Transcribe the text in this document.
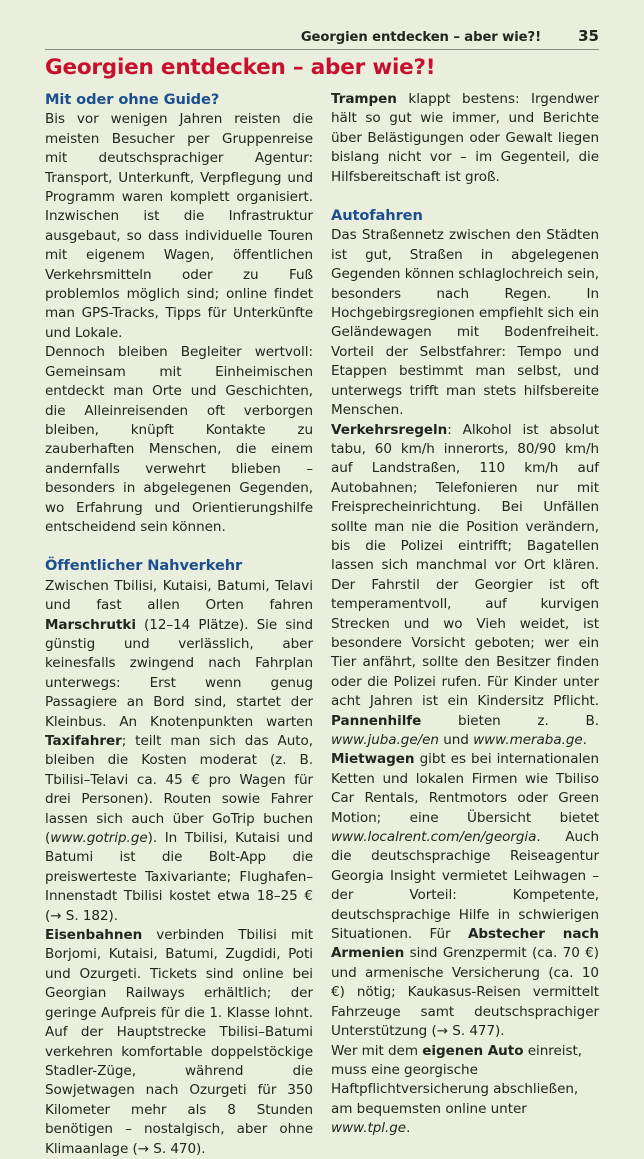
Georgien entdecken – aber wie?! 35
Georgien entdecken – aber wie?!
Mit oder ohne Guide?

Bis vor wenigen Jahren reisten die meisten Besucher per Gruppenreise mit deutschsprachiger Agentur: Transport, Unterkunft, Verpflegung und Programm waren komplett organisiert. Inzwischen ist die Infrastruktur ausgebaut, so dass individuelle Touren mit eigenem Wagen, öffentlichen Verkehrsmitteln oder zu Fuß problemlos möglich sind; online findet man GPS-Tracks, Tipps für Unterkünfte und Lokale.

Dennoch bleiben Begleiter wertvoll: Gemeinsam mit Einheimischen entdeckt man Orte und Geschichten, die Alleinreisenden oft verborgen bleiben, knüpft Kontakte zu zauberhaften Menschen, die einem andernfalls verwehrt blieben – besonders in abgelegenen Gegenden, wo Erfahrung und Orientierungshilfe entscheidend sein können.

Öffentlicher Nahverkehr

Zwischen Tbilisi, Kutaisi, Batumi, Telavi und fast allen Orten fahren Marschrutki (12–14 Plätze). Sie sind günstig und verlässlich, aber keinesfalls zwingend nach Fahrplan unterwegs: Erst wenn genug Passagiere an Bord sind, startet der Kleinbus. An Knotenpunkten warten Taxifahrer; teilt man sich das Auto, bleiben die Kosten moderat (z. B. Tbilisi–Telavi ca. 45 € pro Wagen für drei Personen). Routen sowie Fahrer lassen sich auch über GoTrip buchen (www.gotrip.ge). In Tbilisi, Kutaisi und Batumi ist die Bolt-App die preiswerteste Taxivariante; Flughafen–Innenstadt Tbilisi kostet etwa 18–25 € (→ S. 182).

Eisenbahnen verbinden Tbilisi mit Borjomi, Kutaisi, Batumi, Zugdidi, Poti und Ozurgeti. Tickets sind online bei Georgian Railways erhältlich; der geringe Aufpreis für die 1. Klasse lohnt. Auf der Hauptstrecke Tbilisi–Batumi verkehren komfortable doppelstöckige Stadler-Züge, während die Sowjetwagen nach Ozurgeti für 350 Kilometer mehr als 8 Stunden benötigen – nostalgisch, aber ohne Klimaanlage (→ S. 470).

Trampen klappt bestens: Irgendwer hält so gut wie immer, und Berichte über Belästigungen oder Gewalt liegen bislang nicht vor – im Gegenteil, die Hilfsbereitschaft ist groß.

Autofahren

Das Straßennetz zwischen den Städten ist gut, Straßen in abgelegenen Gegenden können schlaglochreich sein, besonders nach Regen. In Hochgebirgsregionen empfiehlt sich ein Geländewagen mit Bodenfreiheit. Vorteil der Selbstfahrer: Tempo und Etappen bestimmt man selbst, und unterwegs trifft man stets hilfsbereite Menschen.

Verkehrsregeln: Alkohol ist absolut tabu, 60 km/h innerorts, 80/90 km/h auf Landstraßen, 110 km/h auf Autobahnen; Telefonieren nur mit Freisprecheinrichtung. Bei Unfällen sollte man nie die Position verändern, bis die Polizei eintrifft; Bagatellen lassen sich manchmal vor Ort klären. Der Fahrstil der Georgier ist oft temperamentvoll, auf kurvigen Strecken und wo Vieh weidet, ist besondere Vorsicht geboten; wer ein Tier anfährt, sollte den Besitzer finden oder die Polizei rufen. Für Kinder unter acht Jahren ist ein Kindersitz Pflicht. Pannenhilfe bieten z. B. www.juba.ge/en und www.meraba.ge.

Mietwagen gibt es bei internationalen Ketten und lokalen Firmen wie Tbiliso Car Rentals, Rentmotors oder Green Motion; eine Übersicht bietet www.localrent.com/en/georgia. Auch die deutschsprachige Reiseagentur Georgia Insight vermietet Leihwagen – der Vorteil: Kompetente, deutschsprachige Hilfe in schwierigen Situationen. Für Abstecher nach Armenien sind Grenzpermit (ca. 70 €) und armenische Versicherung (ca. 10 €) nötig; Kaukasus-Reisen vermittelt Fahrzeuge samt deutschsprachiger Unterstützung (→ S. 477).

Wer mit dem eigenen Auto einreist, muss eine georgische Haftpflichtversicherung abschließen, am bequemsten online unter www.tpl.ge.
